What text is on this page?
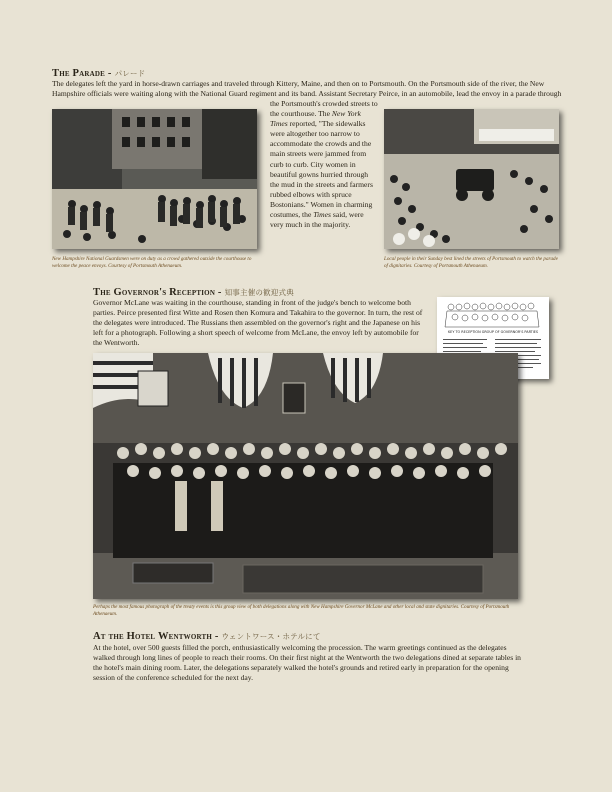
The Parade - パレード

The delegates left the yard in horse-drawn carriages and traveled through Kittery, Maine, and then on to Portsmouth. On the Portsmouth side of the river, the New Hampshire officials were waiting along with the National Guard regiment and its band. Assistant Secretary Peirce, in an automobile, lead the envoy in a parade through

New Hampshire National Guardsmen were on duty as a crowd gathered outside the courthouse to welcome the peace envoys. Courtesy of Portsmouth Athenaeum.

the Portsmouth's crowded streets to the courthouse. The New York Times reported, "The sidewalks were altogether too narrow to accommodate the crowds and the main streets were jammed from curb to curb. City women in beautiful gowns hurried through the mud in the streets and farmers rubbed elbows with spruce Bostonians." Women in charming costumes, the Times said, were very much in the majority.

Local people in their Sunday best lined the streets of Portsmouth to watch the parade of dignitaries. Courtesy of Portsmouth Athenaeum.

The Governor's Reception - 知事主催の歓迎式典

Governor McLane was waiting in the courthouse, standing in front of the judge's bench to welcome both parties. Peirce presented first Witte and Rosen then Komura and Takahira to the governor. In turn, the rest of the delegates were introduced. The Russians then assembled on the governor's right and the Japanese on his left for a photograph. Following a short speech of welcome from McLane, the envoy left by automobile for the Wentworth.

KEY TO RECEPTION GROUP OF GOVERNOR'S PARTIES

Perhaps the most famous photograph of the treaty events is this group view of both delegations along with New Hampshire Governor McLane and other local and state dignitaries. Courtesy of Portsmouth Athenaeum.

At the Hotel Wentworth - ウェントワース・ホテルにて

At the hotel, over 500 guests filled the porch, enthusiastically welcoming the procession. The warm greetings continued as the delegates walked through long lines of people to reach their rooms. On their first night at the Wentworth the two delegations dined at separate tables in the hotel's main dining room. Later, the delegations separately walked the hotel's grounds and retired early in preparation for the opening session of the conference scheduled for the next day.
